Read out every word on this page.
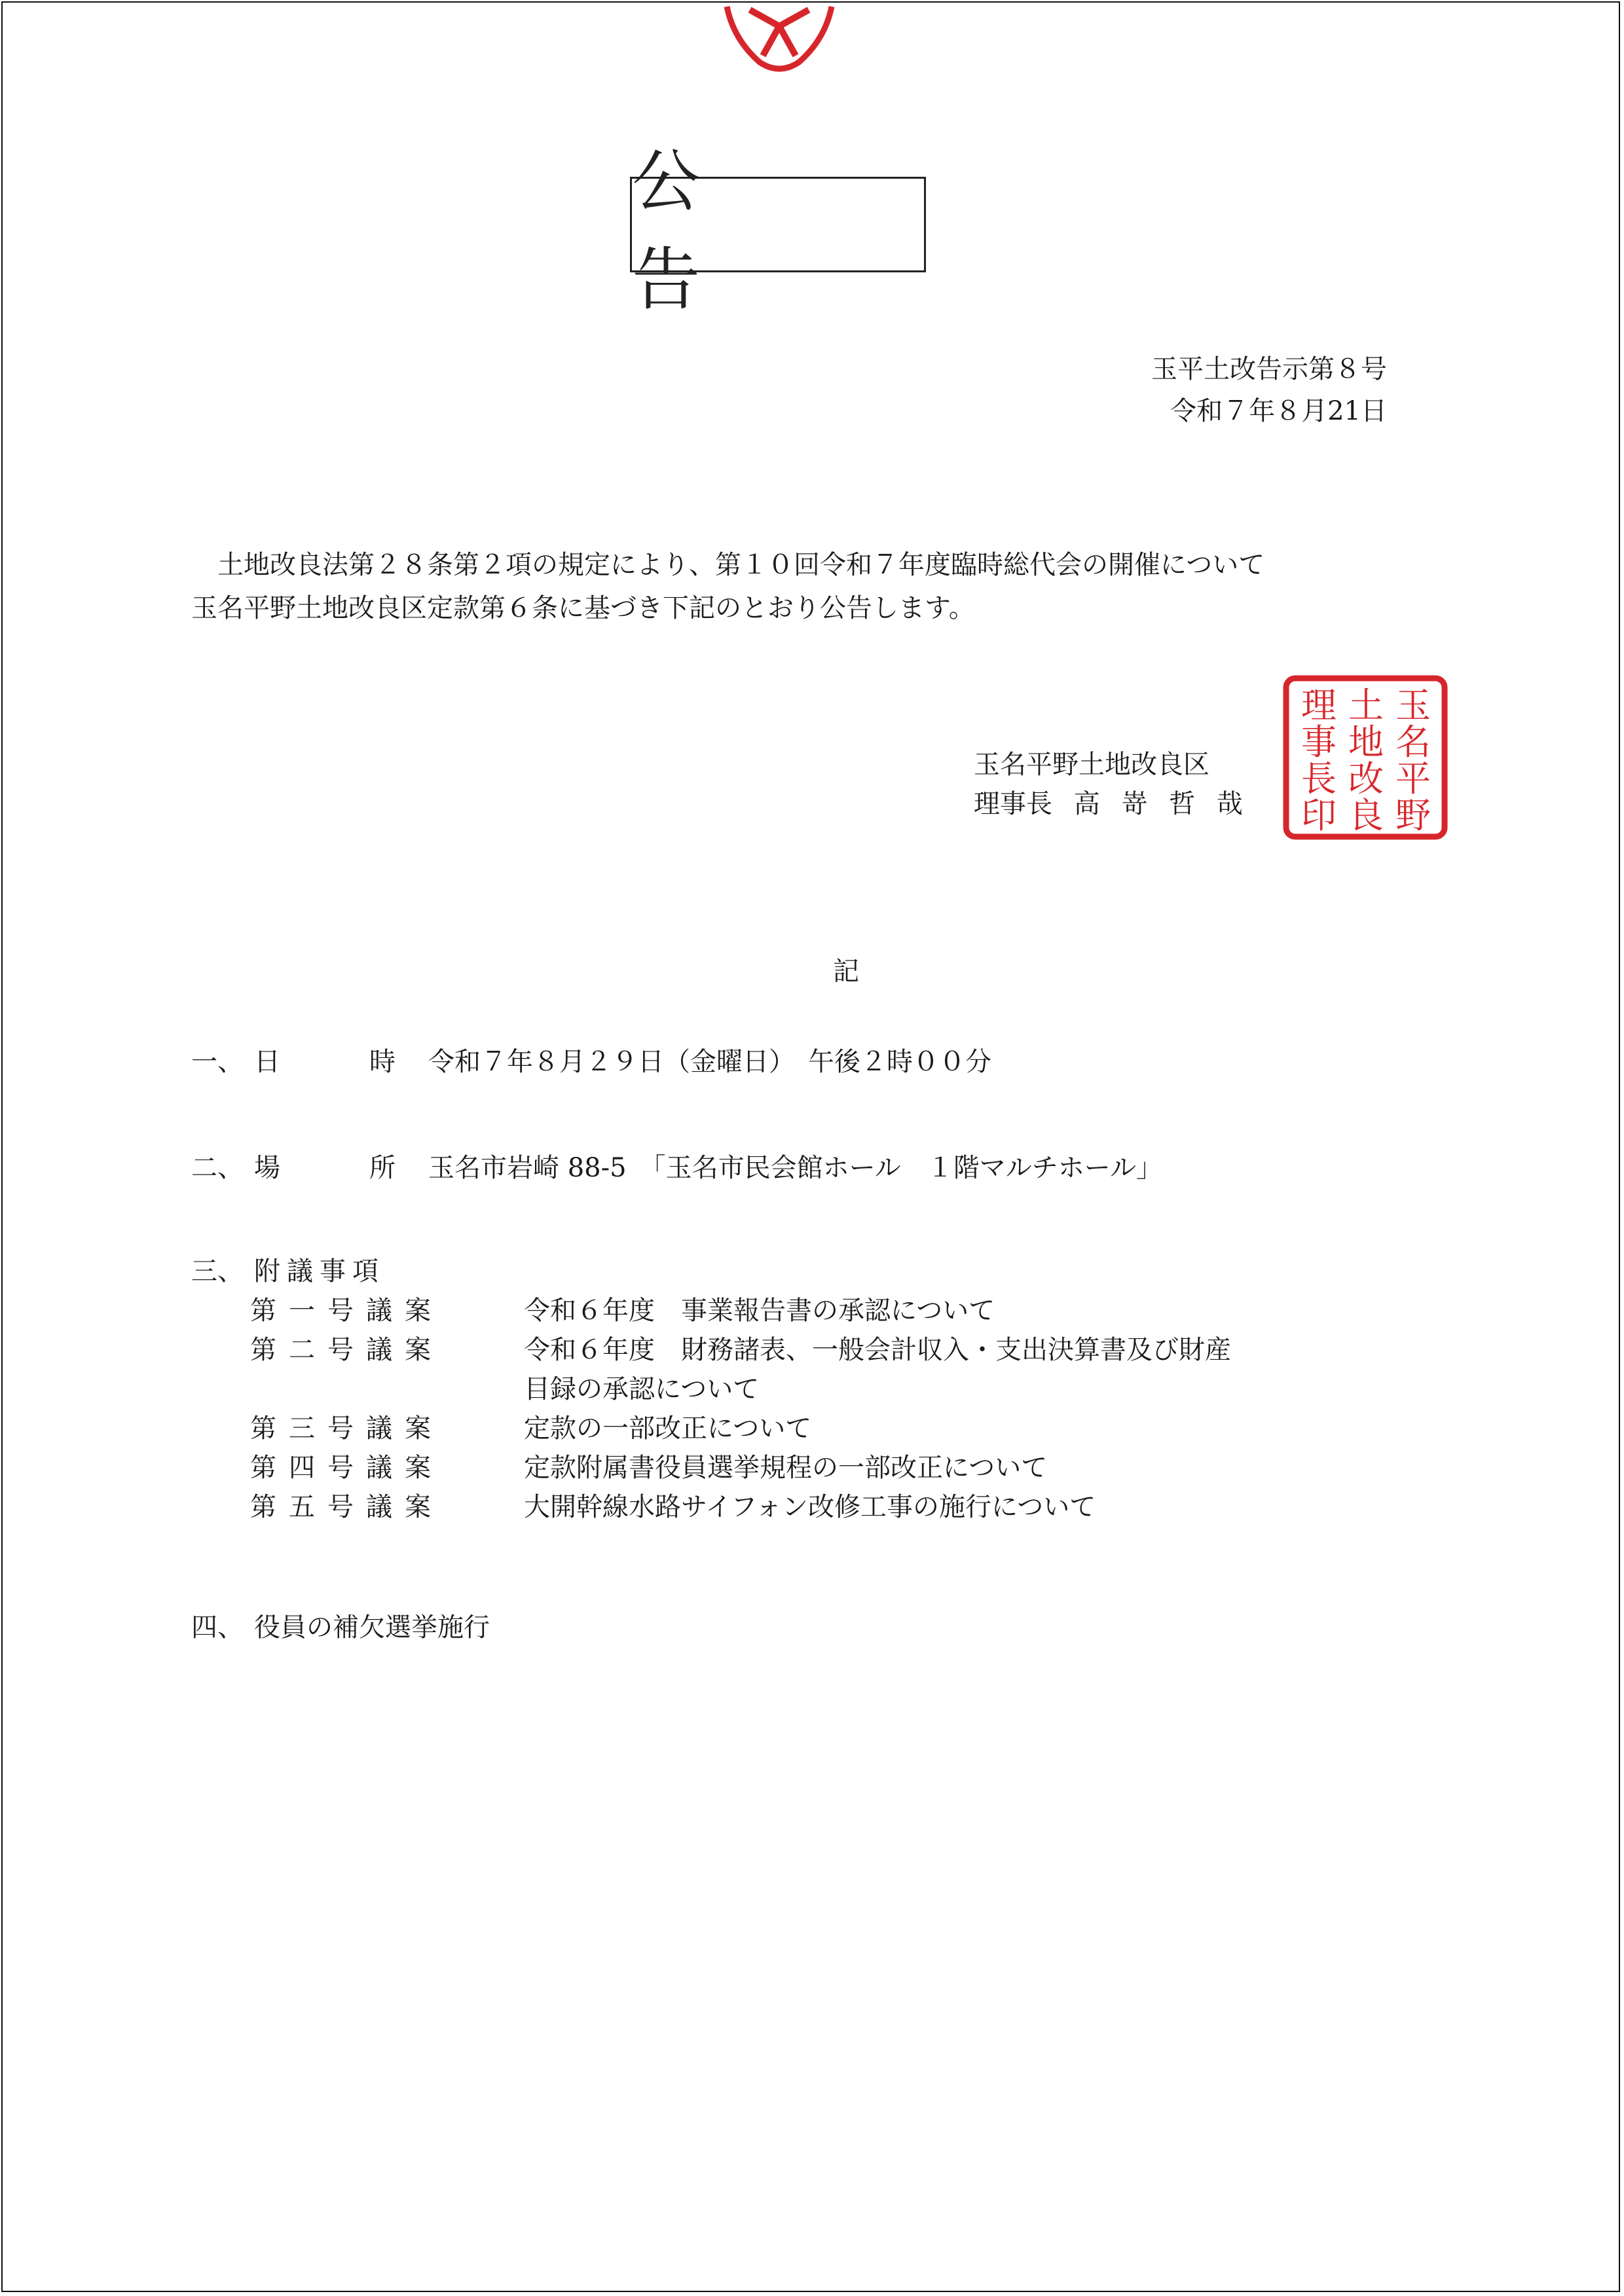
公　告
玉平土改告示第８号
令和７年８月21日
　土地改良法第２８条第２項の規定により、第１０回令和７年度臨時総代会の開催について
玉名平野土地改良区定款第６条に基づき下記のとおり公告します。
玉名平野土地改良区
理事長 高 嵜 哲 哉
玉
名
平
野
土
地
改
良
理
事
長
印
記
一、 日	時 令和７年８月２９日（金曜日）　午後２時００分
二、 場	所 玉名市岩崎 88-5　「玉名市民会館ホール　１階マルチホール」
三、 附議事項
第一号議案	令和６年度　事業報告書の承認について
第二号議案	令和６年度　財務諸表、一般会計収入・支出決算書及び財産
目録の承認について
第三号議案	定款の一部改正について
第四号議案	定款附属書役員選挙規程の一部改正について
第五号議案	大開幹線水路サイフォン改修工事の施行について
四、 役員の補欠選挙施行
